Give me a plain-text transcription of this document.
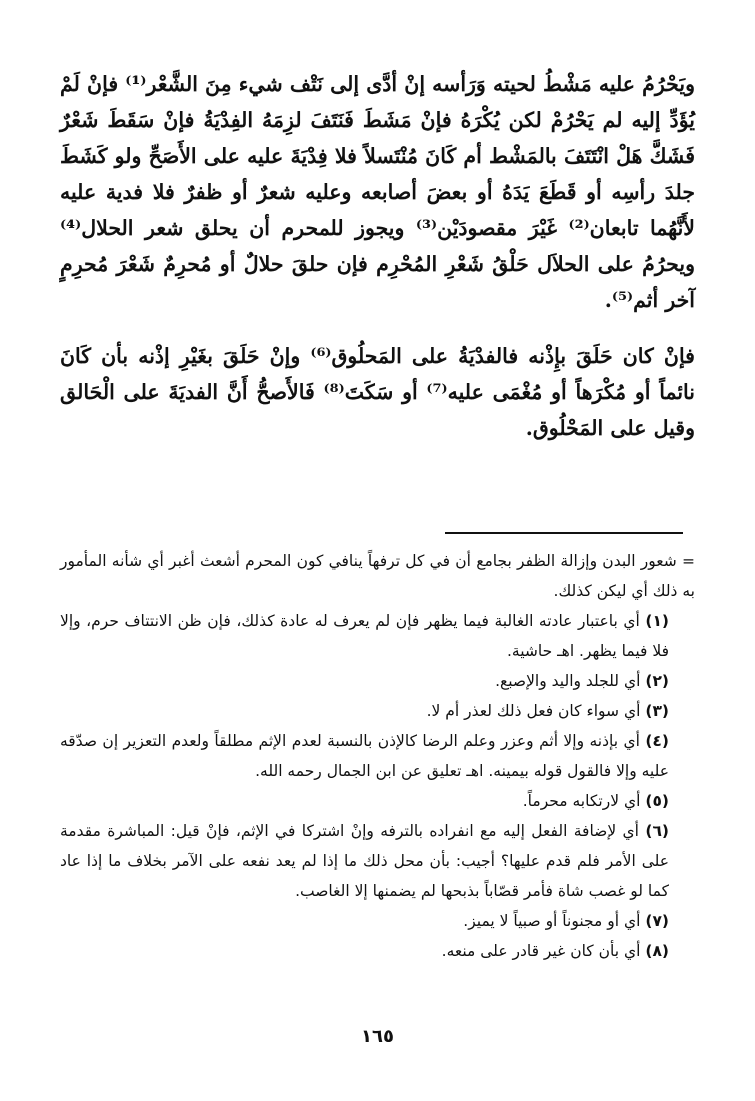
ويَحْرُمُ عليه مَشْطُ لحيته وَرَأسه إنْ أدَّى إلى نَتْف شيء مِنَ الشَّعْر⁽¹⁾ فإنْ لَمْ يُؤَدِّ إليه لم يَحْرُمْ لكن يُكْرَهُ فإنْ مَشَطَ فَنَتَفَ لزِمَهُ الفِدْيَةُ فإنْ سَقَطَ شَعْرٌ فَشَكَّ هَلْ انْتَتَفَ بالمَشْط أم كَانَ مُنْتَسلاً فلا فِدْيَةَ عليه على الأَصَحِّ ولو كَشَطَ جلدَ رأسِه أو قَطَعَ يَدَهُ أو بعضَ أصابعه وعليه شعرٌ أو ظفرٌ فلا فدية عليه لأَنَّهُما تابعان⁽²⁾ غَيْرَ مقصودَيْن⁽³⁾ ويجوز للمحرم أن يحلق شعر الحلال⁽⁴⁾ ويحرُمُ على الحلاَل حَلْقُ شَعْرِ المُحْرِم فإن حلقَ حلالٌ أو مُحرِمٌ شَعْرَ مُحرِمٍ آخر أثم⁽⁵⁾.

فإنْ كان حَلَقَ بإِذْنه فالفدْيَةُ على المَحلُوق⁽⁶⁾ وإنْ حَلَقَ بغَيْرِ إذْنه بأن كَانَ نائماً أو مُكْرَهاً أو مُغْمَى عليه⁽⁷⁾ أو سَكَتَ⁽⁸⁾ فَالأَصحُّ أَنَّ الفديَةَ على الْحَالق وقيل على المَحْلُوق.

= شعور البدن وإزالة الظفر بجامع أن في كل ترفهاً ينافي كون المحرم أشعث أغبر أي شأنه المأمور به ذلك أي ليكن كذلك.

(١) أي باعتبار عادته الغالبة فيما يظهر فإن لم يعرف له عادة كذلك، فإن ظن الانتتاف حرم، وإلا فلا فيما يظهر. اهـ حاشية.

(٢) أي للجلد واليد والإصبع.

(٣) أي سواء كان فعل ذلك لعذر أم لا.

(٤) أي بإذنه وإلا أثم وعزر وعلم الرضا كالإذن بالنسبة لعدم الإثم مطلقاً ولعدم التعزير إن صدّقه عليه وإلا فالقول قوله بيمينه. اهـ تعليق عن ابن الجمال رحمه الله.

(٥) أي لارتكابه محرماً.

(٦) أي لإضافة الفعل إليه مع انفراده بالترفه وإنْ اشتركا في الإثم، فإنْ قيل: المباشرة مقدمة على الأمر فلم قدم عليها؟ أجيب: بأن محل ذلك ما إذا لم يعد نفعه على الآمر بخلاف ما إذا عاد كما لو غصب شاة فأمر قصّاباً بذبحها لم يضمنها إلا الغاصب.

(٧) أي أو مجنوناً أو صبياً لا يميز.

(٨) أي بأن كان غير قادر على منعه.

١٦٥
